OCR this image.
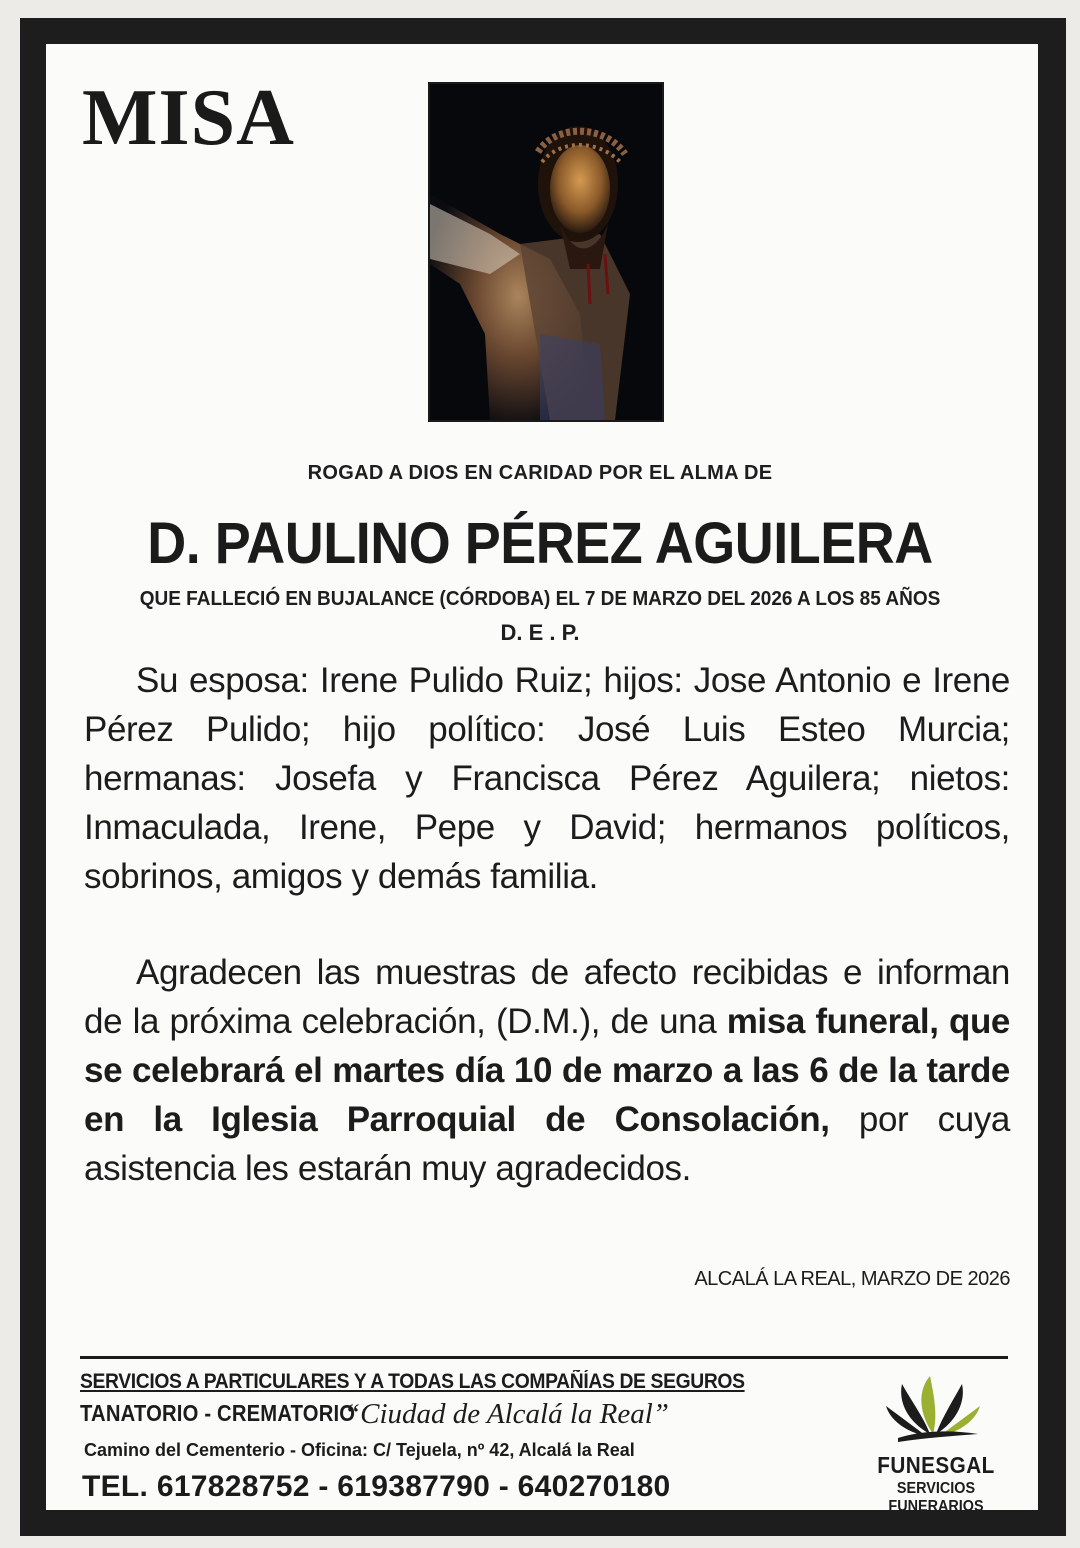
MISA
ROGAD A DIOS EN CARIDAD POR EL ALMA DE
D. PAULINO PÉREZ AGUILERA
QUE FALLECIÓ EN BUJALANCE (CÓRDOBA) EL 7 DE MARZO DEL 2026 A LOS 85 AÑOS
D. E . P.
Su esposa: Irene Pulido Ruiz; hijos: Jose Antonio e Irene Pérez Pulido; hijo político: José Luis Esteo Murcia; hermanas: Josefa y Francisca Pérez Aguilera; nietos: Inmaculada, Irene, Pepe y David; hermanos políticos, sobrinos, amigos y demás familia.
Agradecen las muestras de afecto recibidas e informan de la próxima celebración, (D.M.), de una misa funeral, que se celebrará el martes día 10 de marzo a las 6 de la tarde en la Iglesia Parroquial de Consolación, por cuya asistencia les estarán muy agradecidos.
ALCALÁ LA REAL, MARZO DE 2026
SERVICIOS A PARTICULARES Y A TODAS LAS COMPAÑÍAS DE SEGUROS
TANATORIO - CREMATORIO
“Ciudad de Alcalá la Real”
Camino del Cementerio - Oficina: C/ Tejuela, nº 42, Alcalá la Real
TEL. 617828752 - 619387790 - 640270180
FUNESGAL
SERVICIOS FUNERARIOS
